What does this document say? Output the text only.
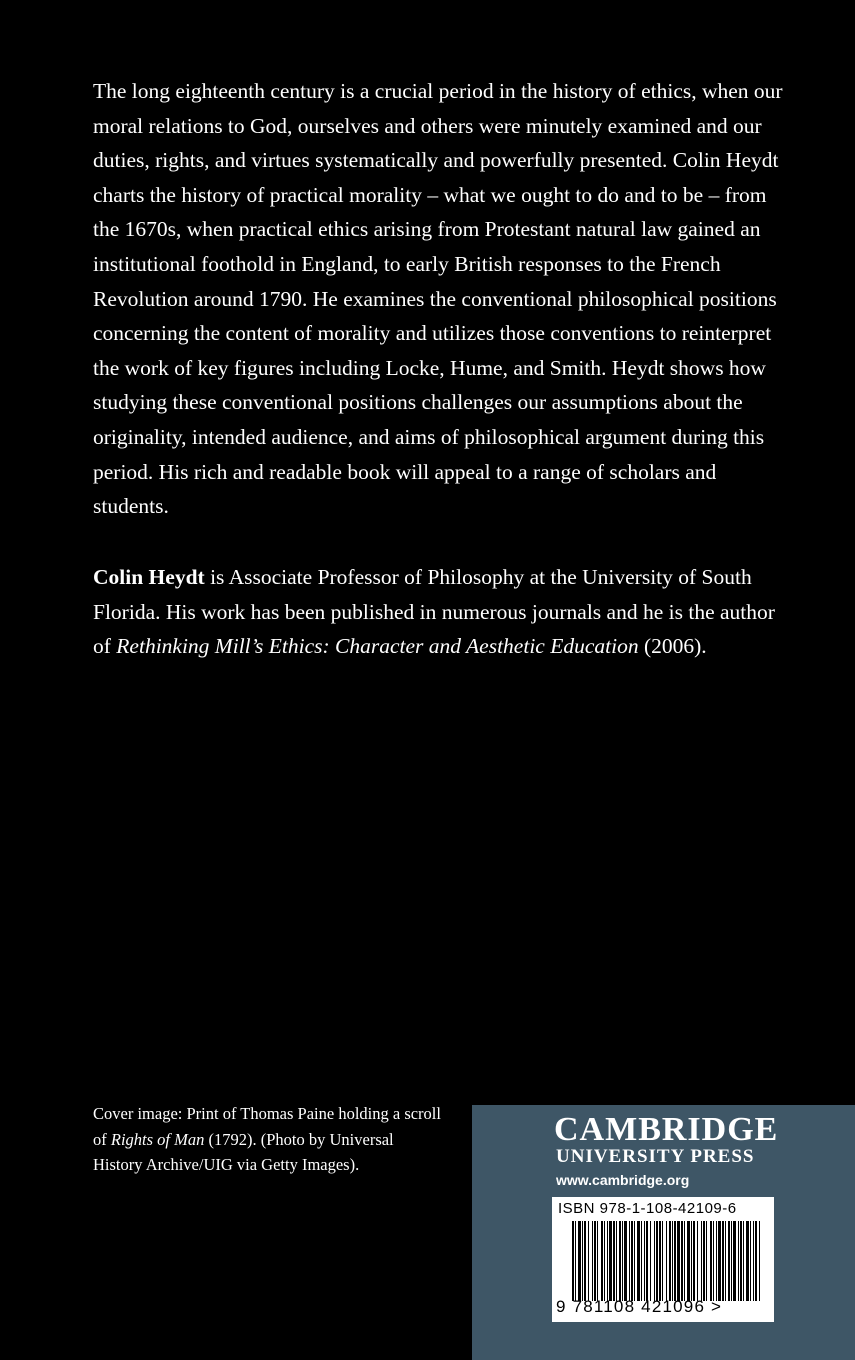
The long eighteenth century is a crucial period in the history of ethics, when our moral relations to God, ourselves and others were minutely examined and our duties, rights, and virtues systematically and powerfully presented. Colin Heydt charts the history of practical morality – what we ought to do and to be – from the 1670s, when practical ethics arising from Protestant natural law gained an institutional foothold in England, to early British responses to the French Revolution around 1790. He examines the conventional philosophical positions concerning the content of morality and utilizes those conventions to reinterpret the work of key figures including Locke, Hume, and Smith. Heydt shows how studying these conventional positions challenges our assumptions about the originality, intended audience, and aims of philosophical argument during this period. His rich and readable book will appeal to a range of scholars and students.

Colin Heydt is Associate Professor of Philosophy at the University of South Florida. His work has been published in numerous journals and he is the author of Rethinking Mill’s Ethics: Character and Aesthetic Education (2006).

Cover image: Print of Thomas Paine holding a scroll of Rights of Man (1792). (Photo by Universal History Archive/UIG via Getty Images).

CAMBRIDGE
UNIVERSITY PRESS
www.cambridge.org
ISBN 978-1-108-42109-6
9 781108 421096 >
